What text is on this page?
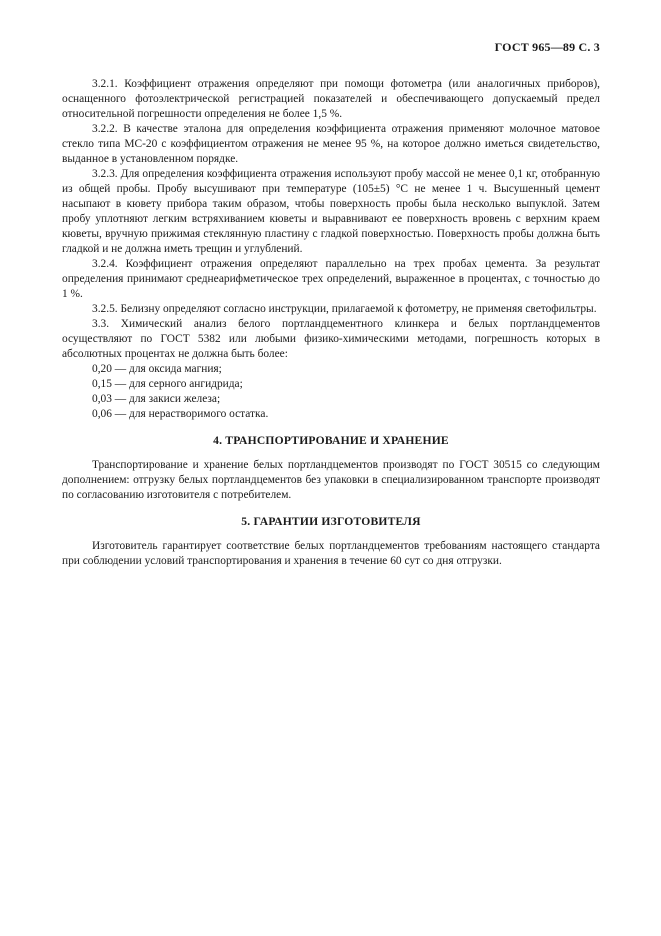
ГОСТ 965—89 С. 3

3.2.1. Коэффициент отражения определяют при помощи фотометра (или аналогичных приборов), оснащенного фотоэлектрической регистрацией показателей и обеспечивающего допускаемый предел относительной погрешности определения не более 1,5 %.

3.2.2. В качестве эталона для определения коэффициента отражения применяют молочное матовое стекло типа МС-20 с коэффициентом отражения не менее 95 %, на которое должно иметься свидетельство, выданное в установленном порядке.

3.2.3. Для определения коэффициента отражения используют пробу массой не менее 0,1 кг, отобранную из общей пробы. Пробу высушивают при температуре (105±5) °С не менее 1 ч. Высушенный цемент насыпают в кювету прибора таким образом, чтобы поверхность пробы была несколько выпуклой. Затем пробу уплотняют легким встряхиванием кюветы и выравнивают ее поверхность вровень с верхним краем кюветы, вручную прижимая стеклянную пластину с гладкой поверхностью. Поверхность пробы должна быть гладкой и не должна иметь трещин и углублений.

3.2.4. Коэффициент отражения определяют параллельно на трех пробах цемента. За результат определения принимают среднеарифметическое трех определений, выраженное в процентах, с точностью до 1 %.

3.2.5. Белизну определяют согласно инструкции, прилагаемой к фотометру, не применяя светофильтры.

3.3. Химический анализ белого портландцементного клинкера и белых портландцементов осуществляют по ГОСТ 5382 или любыми физико-химическими методами, погрешность которых в абсолютных процентах не должна быть более:

0,20 — для оксида магния;

0,15 — для серного ангидрида;

0,03 — для закиси железа;

0,06 — для нерастворимого остатка.

4. ТРАНСПОРТИРОВАНИЕ И ХРАНЕНИЕ

Транспортирование и хранение белых портландцементов производят по ГОСТ 30515 со следующим дополнением: отгрузку белых портландцементов без упаковки в специализированном транспорте производят по согласованию изготовителя с потребителем.

5. ГАРАНТИИ ИЗГОТОВИТЕЛЯ

Изготовитель гарантирует соответствие белых портландцементов требованиям настоящего стандарта при соблюдении условий транспортирования и хранения в течение 60 сут со дня отгрузки.
